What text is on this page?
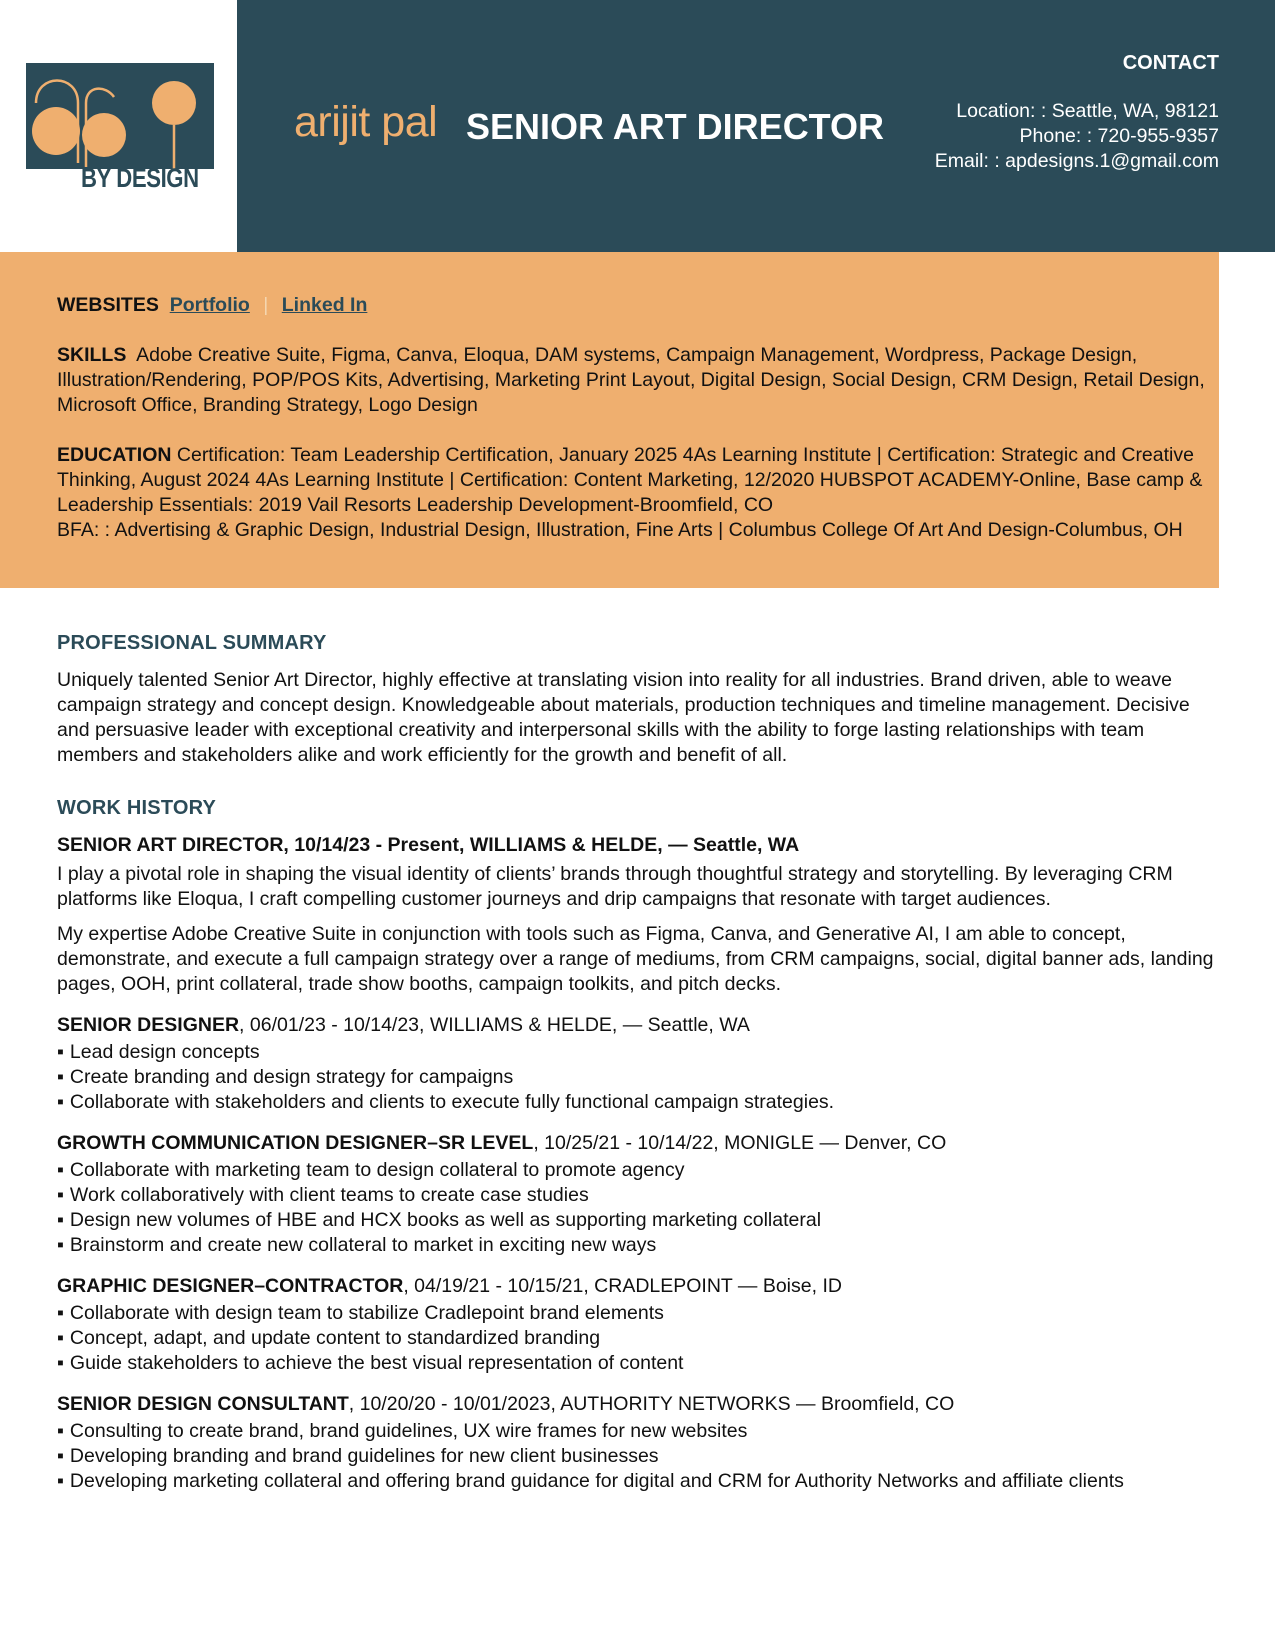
BY DESIGN
arijit pal SENIOR ART DIRECTOR
CONTACT
Location: : Seattle, WA, 98121
Phone: : 720-955-9357
Email: : apdesigns.1@gmail.com
WEBSITES Portfolio | Linked In
SKILLS Adobe Creative Suite, Figma, Canva, Eloqua, DAM systems, Campaign Management, Wordpress, Package Design, Illustration/Rendering, POP/POS Kits, Advertising, Marketing Print Layout, Digital Design, Social Design, CRM Design, Retail Design, Microsoft Office, Branding Strategy, Logo Design
EDUCATION Certification: Team Leadership Certification, January 2025 4As Learning Institute | Certification: Strategic and Creative Thinking, August 2024 4As Learning Institute | Certification: Content Marketing, 12/2020 HUBSPOT ACADEMY-Online, Base camp & Leadership Essentials: 2019 Vail Resorts Leadership Development-Broomfield, CO
BFA: : Advertising & Graphic Design, Industrial Design, Illustration, Fine Arts | Columbus College Of Art And Design-Columbus, OH
PROFESSIONAL SUMMARY
Uniquely talented Senior Art Director, highly effective at translating vision into reality for all industries. Brand driven, able to weave campaign strategy and concept design. Knowledgeable about materials, production techniques and timeline management. Decisive and persuasive leader with exceptional creativity and interpersonal skills with the ability to forge lasting relationships with team members and stakeholders alike and work efficiently for the growth and benefit of all.
WORK HISTORY
SENIOR ART DIRECTOR, 10/14/23 - Present, WILLIAMS & HELDE, — Seattle, WA
I play a pivotal role in shaping the visual identity of clients’ brands through thoughtful strategy and storytelling. By leveraging CRM platforms like Eloqua, I craft compelling customer journeys and drip campaigns that resonate with target audiences.
My expertise Adobe Creative Suite in conjunction with tools such as Figma, Canva, and Generative AI, I am able to concept, demonstrate, and execute a full campaign strategy over a range of mediums, from CRM campaigns, social, digital banner ads, landing pages, OOH, print collateral, trade show booths, campaign toolkits, and pitch decks.
SENIOR DESIGNER, 06/01/23 - 10/14/23, WILLIAMS & HELDE, — Seattle, WA
▪ Lead design concepts
▪ Create branding and design strategy for campaigns
▪ Collaborate with stakeholders and clients to execute fully functional campaign strategies.
GROWTH COMMUNICATION DESIGNER–SR LEVEL, 10/25/21 - 10/14/22, MONIGLE — Denver, CO
▪ Collaborate with marketing team to design collateral to promote agency
▪ Work collaboratively with client teams to create case studies
▪ Design new volumes of HBE and HCX books as well as supporting marketing collateral
▪ Brainstorm and create new collateral to market in exciting new ways
GRAPHIC DESIGNER–CONTRACTOR, 04/19/21 - 10/15/21, CRADLEPOINT — Boise, ID
▪ Collaborate with design team to stabilize Cradlepoint brand elements
▪ Concept, adapt, and update content to standardized branding
▪ Guide stakeholders to achieve the best visual representation of content
SENIOR DESIGN CONSULTANT, 10/20/20 - 10/01/2023, AUTHORITY NETWORKS — Broomfield, CO
▪ Consulting to create brand, brand guidelines, UX wire frames for new websites
▪ Developing branding and brand guidelines for new client businesses
▪ Developing marketing collateral and offering brand guidance for digital and CRM for Authority Networks and affiliate clients
